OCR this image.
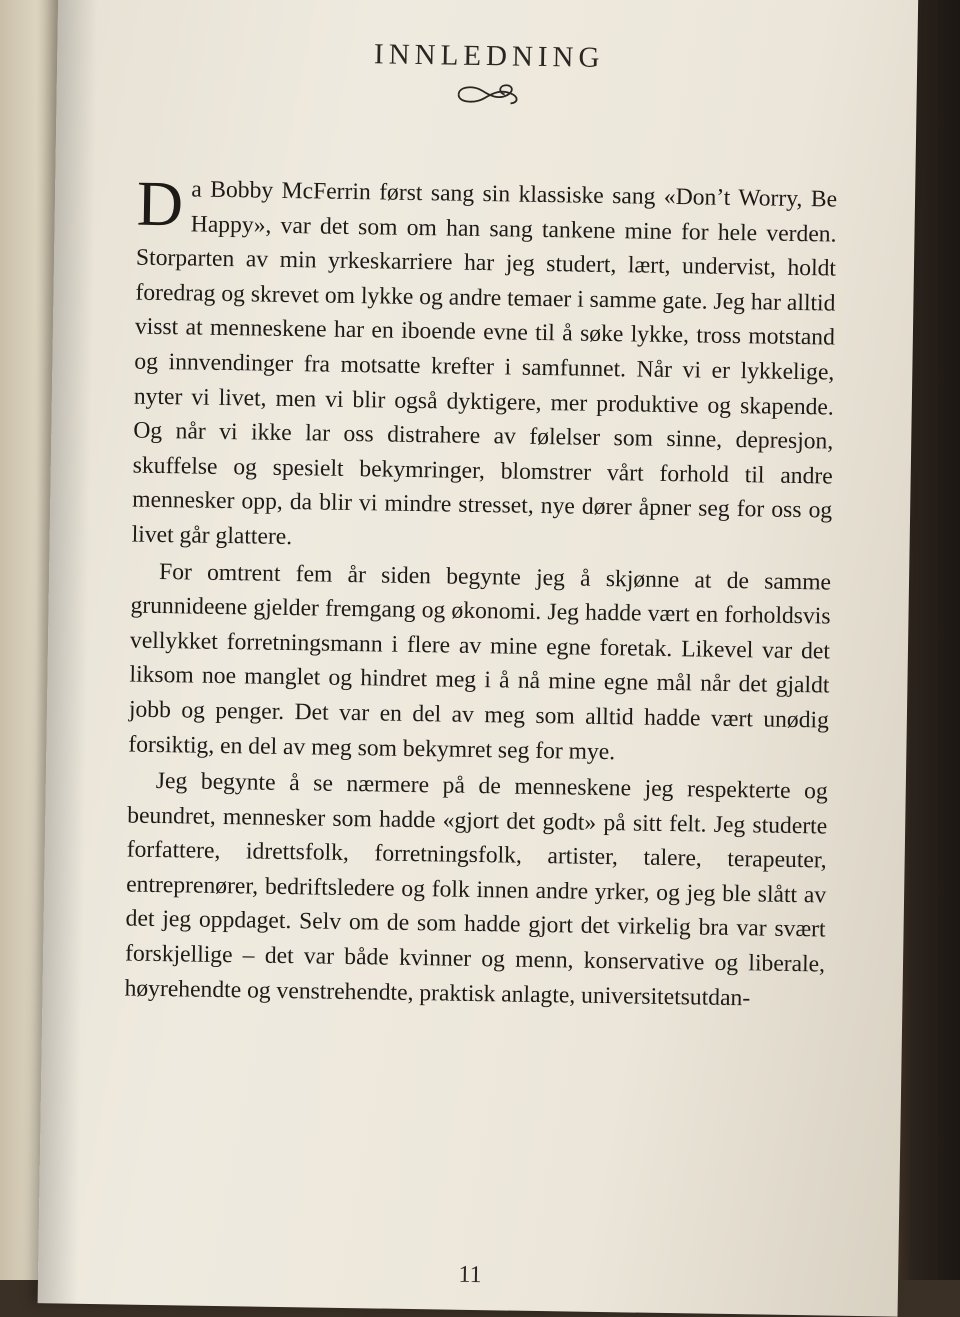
INNLEDNING

Da Bobby McFerrin først sang sin klassiske sang «Don’t Worry, Be Happy», var det som om han sang tankene mine for hele verden. Storparten av min yrkeskarriere har jeg studert, lært, undervist, holdt foredrag og skrevet om lykke og andre temaer i samme gate. Jeg har alltid visst at menneskene har en iboende evne til å søke lykke, tross motstand og innvendinger fra motsatte krefter i samfunnet. Når vi er lykkelige, nyter vi livet, men vi blir også dyktigere, mer produktive og skapende. Og når vi ikke lar oss distrahere av følelser som sinne, depresjon, skuffelse og spesielt bekymringer, blomstrer vårt forhold til andre mennesker opp, da blir vi mindre stresset, nye dører åpner seg for oss og livet går glattere.

For omtrent fem år siden begynte jeg å skjønne at de samme grunnideene gjelder fremgang og økonomi. Jeg hadde vært en forholdsvis vellykket forretningsmann i flere av mine egne foretak. Likevel var det liksom noe manglet og hindret meg i å nå mine egne mål når det gjaldt jobb og penger. Det var en del av meg som alltid hadde vært unødig forsiktig, en del av meg som bekymret seg for mye.

Jeg begynte å se nærmere på de menneskene jeg respekterte og beundret, mennesker som hadde «gjort det godt» på sitt felt. Jeg studerte forfattere, idrettsfolk, forretningsfolk, artister, talere, terapeuter, entreprenører, bedriftsledere og folk innen andre yrker, og jeg ble slått av det jeg oppdaget. Selv om de som hadde gjort det virkelig bra var svært forskjellige – det var både kvinner og menn, konservative og liberale, høyrehendte og venstrehendte, praktisk anlagte, universitetsutdan-

11
